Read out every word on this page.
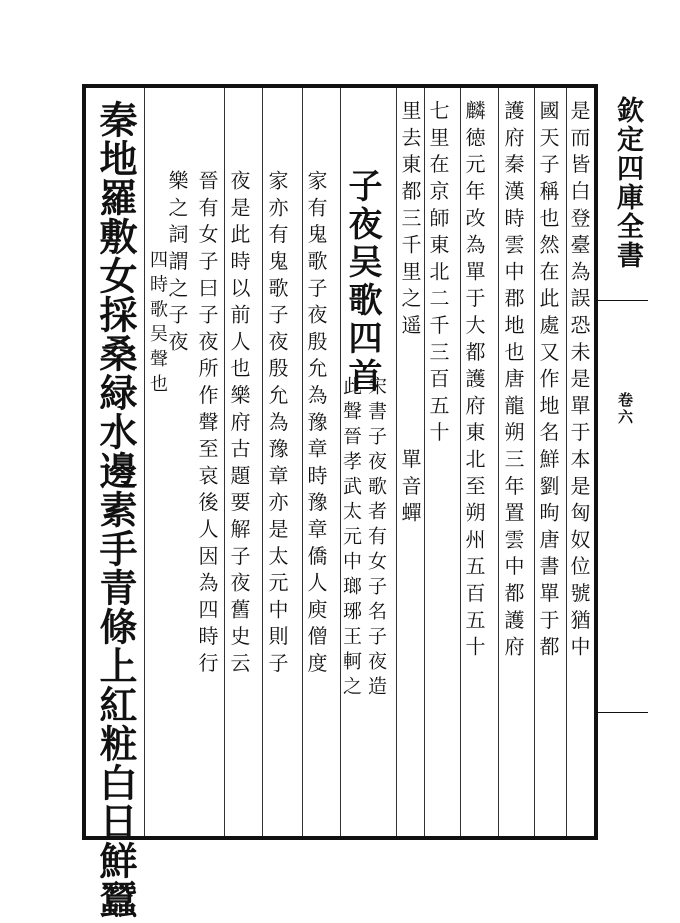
欽定四庫全書
卷六
是而皆白登臺為誤恐未是單于本是匈奴位號猶中
國天子稱也然在此處又作地名鮮劉昫唐書單于都
護府秦漢時雲中郡地也唐龍朔三年置雲中都護府
麟徳元年改為單于大都護府東北至朔州五百五十
七里在京師東北二千三百五十
里去東都三千里之遥　　　　單音蟬
子夜吴歌四首
宋書子夜歌者有女子名子夜造
此聲晉孝武太元中瑯琊王軻之
家有鬼歌子夜殷允為豫章時豫章僑人庾僧度
家亦有鬼歌子夜殷允為豫章亦是太元中則子
夜是此時以前人也樂府古題要解子夜舊史云
晉有女子曰子夜所作聲至哀後人因為四時行
樂之詞謂之子夜
四時歌吴聲也
秦地羅敷女採桑緑水邊素手青條上紅粧白日鮮蠶
